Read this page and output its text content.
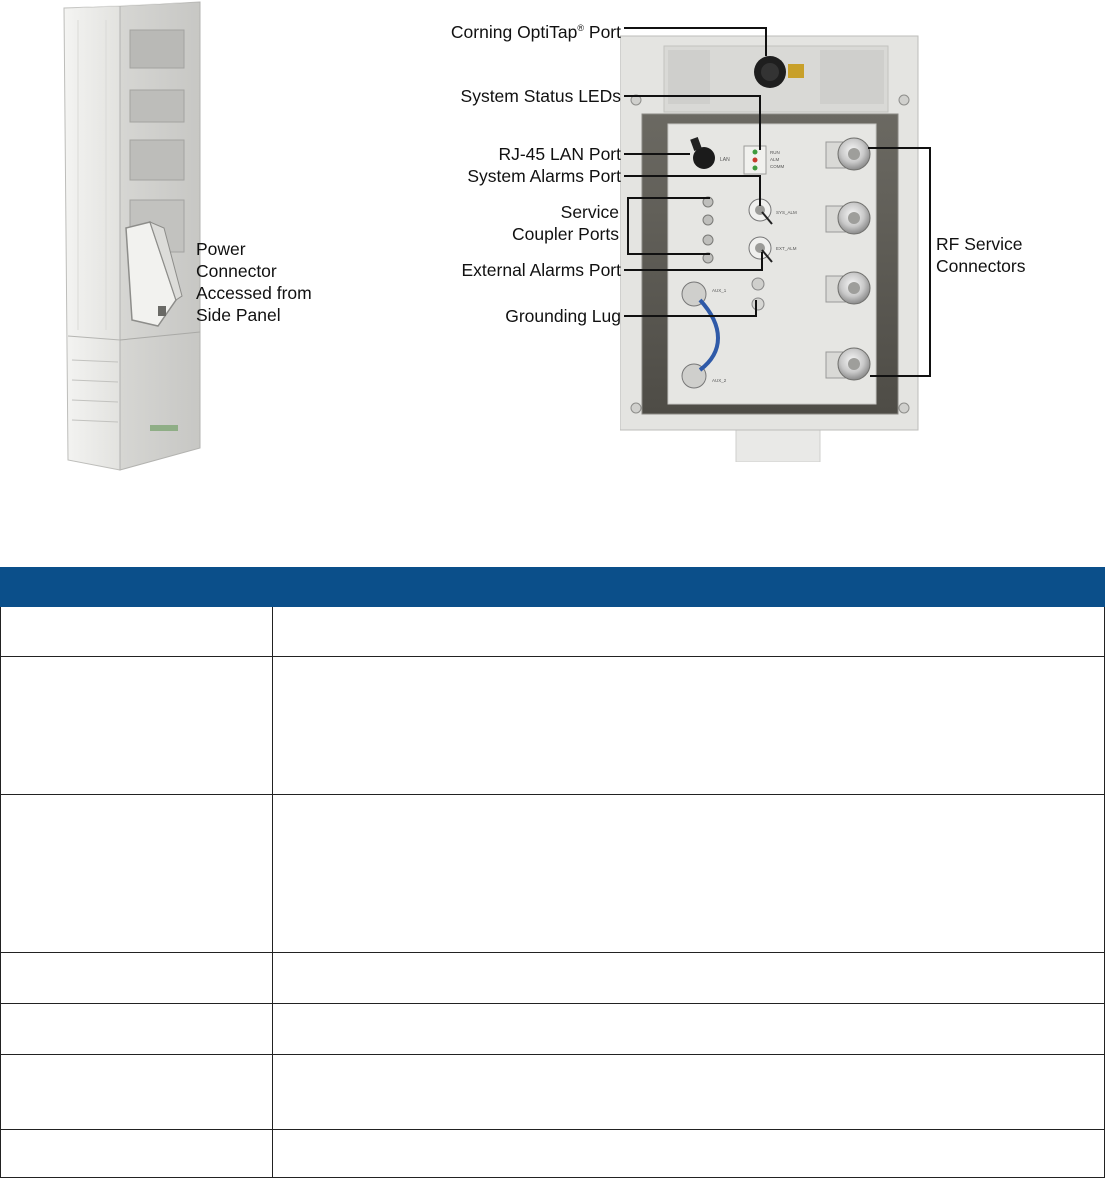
Power
Connector
Accessed from
Side Panel
LAN
RUN
ALM
COMM
SYS_ALM
EXT_ALM
AUX_1
AUX_2
Corning OptiTap® Port
System Status LEDs
RJ-45 LAN Port
System Alarms Port
Service
Coupler Ports
External Alarms Port
Grounding Lug
RF Service
Connectors
